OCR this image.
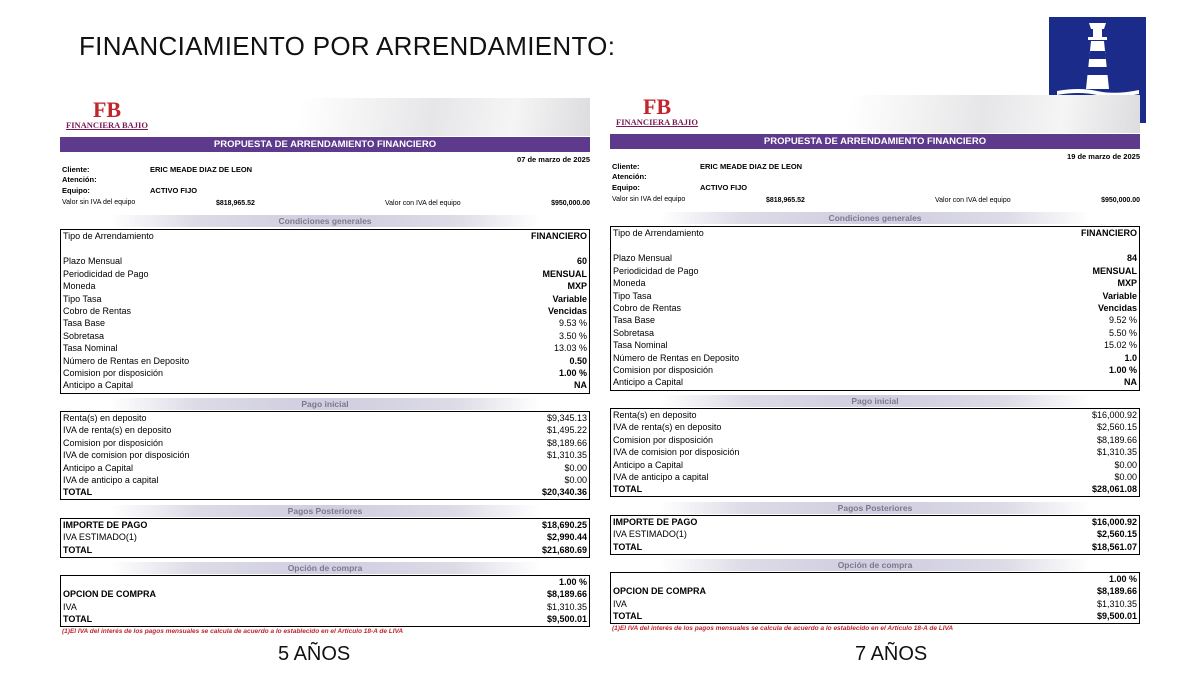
FINANCIAMIENTO POR ARRENDAMIENTO:
FB
FINANCIERA BAJIO
PROPUESTA DE ARRENDAMIENTO FINANCIERO
07 de marzo de 2025
Cliente:	ERIC MEADE DIAZ DE LEON
Atención:
Equipo:	ACTIVO FIJO
Valor sin IVA del equipo	$818,965.52	Valor con IVA del equipo	$950,000.00
Condiciones generales
Tipo de Arrendamiento	FINANCIERO
Plazo Mensual	60
Periodicidad de Pago	MENSUAL
Moneda	MXP
Tipo Tasa	Variable
Cobro de Rentas	Vencidas
Tasa Base	9.53 %
Sobretasa	3.50 %
Tasa Nominal	13.03 %
Número de Rentas en Deposito	0.50
Comision por disposición	1.00 %
Anticipo a Capital	NA
Pago inicial
Renta(s) en deposito	$9,345.13
IVA de renta(s) en deposito	$1,495.22
Comision por disposición	$8,189.66
IVA de comision por disposición	$1,310.35
Anticipo a Capital	$0.00
IVA de anticipo a capital	$0.00
TOTAL	$20,340.36
Pagos Posteriores
IMPORTE DE PAGO	$18,690.25
IVA ESTIMADO(1)	$2,990.44
TOTAL	$21,680.69
Opción de compra
1.00 %
OPCION DE COMPRA	$8,189.66
IVA	$1,310.35
TOTAL	$9,500.01
(1)El IVA del interés de los pagos mensuales se calcula de acuerdo a lo establecido en el Artículo 18-A de LIVA
FB
FINANCIERA BAJIO
PROPUESTA DE ARRENDAMIENTO FINANCIERO
19 de marzo de 2025
Cliente:	ERIC MEADE DIAZ DE LEON
Atención:
Equipo:	ACTIVO FIJO
Valor sin IVA del equipo	$818,965.52	Valor con IVA del equipo	$950,000.00
Condiciones generales
Tipo de Arrendamiento	FINANCIERO
Plazo Mensual	84
Periodicidad de Pago	MENSUAL
Moneda	MXP
Tipo Tasa	Variable
Cobro de Rentas	Vencidas
Tasa Base	9.52 %
Sobretasa	5.50 %
Tasa Nominal	15.02 %
Número de Rentas en Deposito	1.0
Comision por disposición	1.00 %
Anticipo a Capital	NA
Pago inicial
Renta(s) en deposito	$16,000.92
IVA de renta(s) en deposito	$2,560.15
Comision por disposición	$8,189.66
IVA de comision por disposición	$1,310.35
Anticipo a Capital	$0.00
IVA de anticipo a capital	$0.00
TOTAL	$28,061.08
Pagos Posteriores
IMPORTE DE PAGO	$16,000.92
IVA ESTIMADO(1)	$2,560.15
TOTAL	$18,561.07
Opción de compra
1.00 %
OPCION DE COMPRA	$8,189.66
IVA	$1,310.35
TOTAL	$9,500.01
(1)El IVA del interés de los pagos mensuales se calcula de acuerdo a lo establecido en el Artículo 18-A de LIVA
5 AÑOS	7 AÑOS
